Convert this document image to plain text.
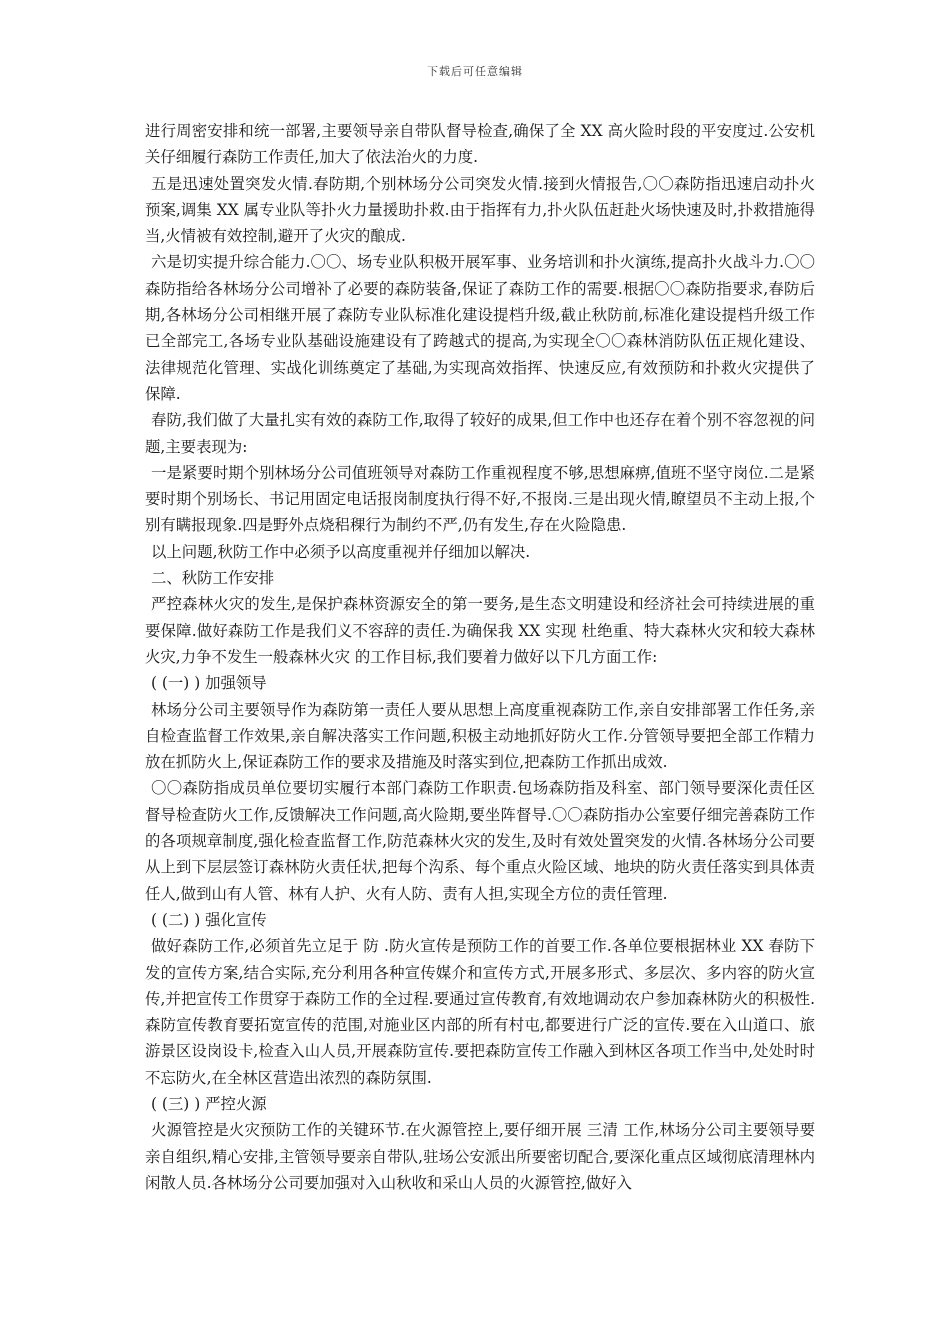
下载后可任意编辑

进行周密安排和统一部署,主要领导亲自带队督导检查,确保了全 XX 高火险时段的平安度过.公安机关仔细履行森防工作责任,加大了依法治火的力度.

五是迅速处置突发火情.春防期,个别林场分公司突发火情.接到火情报告,〇〇森防指迅速启动扑火预案,调集 XX 属专业队等扑火力量援助扑救.由于指挥有力,扑火队伍赶赴火场快速及时,扑救措施得当,火情被有效控制,避开了火灾的酿成.

六是切实提升综合能力.〇〇、场专业队积极开展军事、业务培训和扑火演练,提高扑火战斗力.〇〇森防指给各林场分公司增补了必要的森防装备,保证了森防工作的需要.根据〇〇森防指要求,春防后期,各林场分公司相继开展了森防专业队标准化建设提档升级,截止秋防前,标准化建设提档升级工作已全部完工,各场专业队基础设施建设有了跨越式的提高,为实现全〇〇森林消防队伍正规化建设、法律规范化管理、实战化训练奠定了基础,为实现高效指挥、快速反应,有效预防和扑救火灾提供了保障.

春防,我们做了大量扎实有效的森防工作,取得了较好的成果,但工作中也还存在着个别不容忽视的问题,主要表现为:

一是紧要时期个别林场分公司值班领导对森防工作重视程度不够,思想麻痹,值班不坚守岗位.二是紧要时期个别场长、书记用固定电话报岗制度执行得不好,不报岗.三是出现火情,瞭望员不主动上报,个别有瞒报现象.四是野外点烧稆稞行为制约不严,仍有发生,存在火险隐患.

以上问题,秋防工作中必须予以高度重视并仔细加以解决.

二、秋防工作安排

严控森林火灾的发生,是保护森林资源安全的第一要务,是生态文明建设和经济社会可持续进展的重要保障.做好森防工作是我们义不容辞的责任.为确保我 XX 实现 杜绝重、特大森林火灾和较大森林火灾,力争不发生一般森林火灾 的工作目标,我们要着力做好以下几方面工作:

( (一) ) 加强领导

林场分公司主要领导作为森防第一责任人要从思想上高度重视森防工作,亲自安排部署工作任务,亲自检查监督工作效果,亲自解决落实工作问题,积极主动地抓好防火工作.分管领导要把全部工作精力放在抓防火上,保证森防工作的要求及措施及时落实到位,把森防工作抓出成效.

〇〇森防指成员单位要切实履行本部门森防工作职责.包场森防指及科室、部门领导要深化责任区督导检查防火工作,反馈解决工作问题,高火险期,要坐阵督导.〇〇森防指办公室要仔细完善森防工作的各项规章制度,强化检查监督工作,防范森林火灾的发生,及时有效处置突发的火情.各林场分公司要从上到下层层签订森林防火责任状,把每个沟系、每个重点火险区域、地块的防火责任落实到具体责任人,做到山有人管、林有人护、火有人防、责有人担,实现全方位的责任管理.

( (二) ) 强化宣传

做好森防工作,必须首先立足于 防 .防火宣传是预防工作的首要工作.各单位要根据林业 XX 春防下发的宣传方案,结合实际,充分利用各种宣传媒介和宣传方式,开展多形式、多层次、多内容的防火宣传,并把宣传工作贯穿于森防工作的全过程.要通过宣传教育,有效地调动农户参加森林防火的积极性.森防宣传教育要拓宽宣传的范围,对施业区内部的所有村屯,都要进行广泛的宣传.要在入山道口、旅游景区设岗设卡,检查入山人员,开展森防宣传.要把森防宣传工作融入到林区各项工作当中,处处时时不忘防火,在全林区营造出浓烈的森防氛围.

( (三) ) 严控火源

火源管控是火灾预防工作的关键环节.在火源管控上,要仔细开展 三清 工作,林场分公司主要领导要亲自组织,精心安排,主管领导要亲自带队,驻场公安派出所要密切配合,要深化重点区域彻底清理林内闲散人员.各林场分公司要加强对入山秋收和采山人员的火源管控,做好入
